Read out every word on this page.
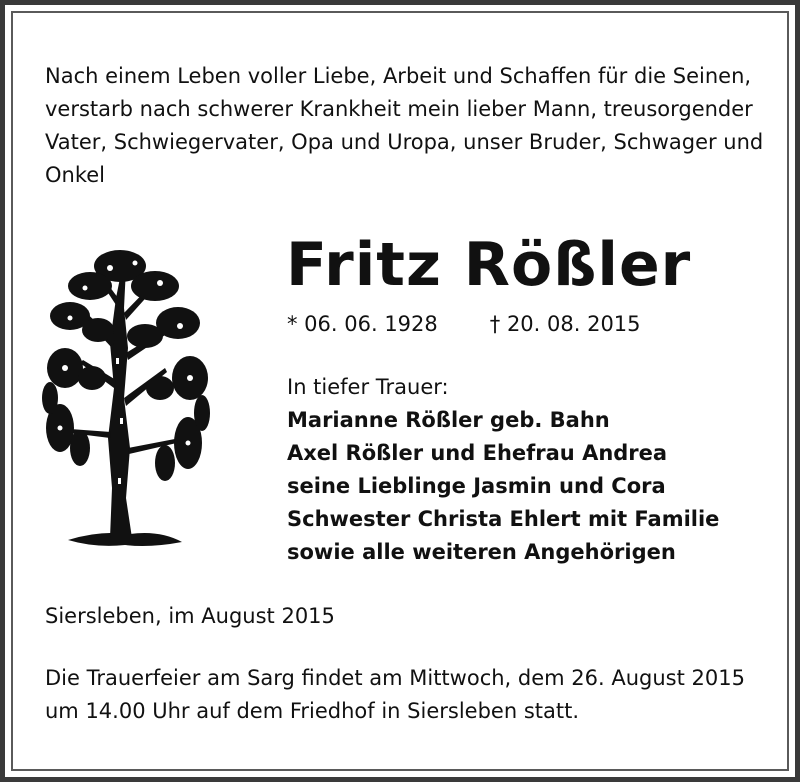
Nach einem Leben voller Liebe, Arbeit und Schaffen für die Seinen, verstarb nach schwerer Krankheit mein lieber Mann, treusorgender Vater, Schwiegervater, Opa und Uropa, unser Bruder, Schwager und Onkel

Fritz Rößler
* 06. 06. 1928 † 20. 08. 2015
In tiefer Trauer:
Marianne Rößler geb. Bahn
Axel Rößler und Ehefrau Andrea
seine Lieblinge Jasmin und Cora
Schwester Christa Ehlert mit Familie
sowie alle weiteren Angehörigen
Siersleben, im August 2015

Die Trauerfeier am Sarg findet am Mittwoch, dem 26. August 2015 um 14.00 Uhr auf dem Friedhof in Siersleben statt.
